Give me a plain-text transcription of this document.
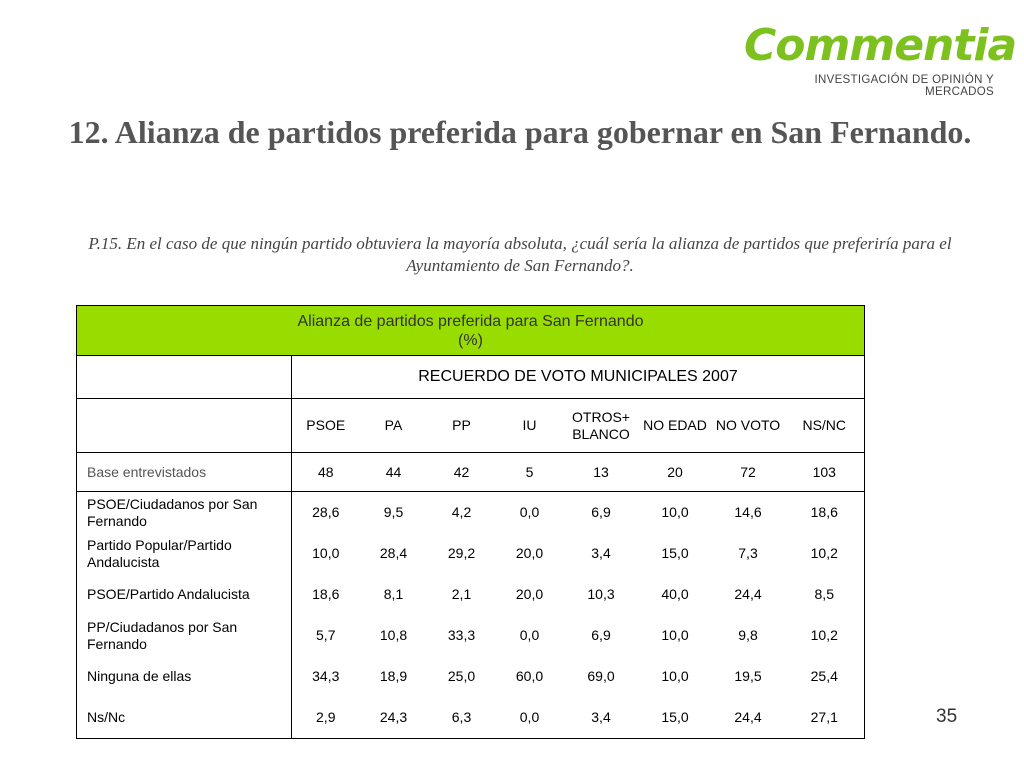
Commentia
INVESTIGACIÓN DE OPINIÓN Y MERCADOS
12. Alianza de partidos preferida para gobernar en San Fernando.
P.15. En el caso de que ningún partido obtuviera la mayoría absoluta, ¿cuál sería la alianza de partidos que preferiría para el Ayuntamiento de San Fernando?.
Alianza de partidos preferida para San Fernando
(%)								

	RECUERDO DE VOTO MUNICIPALES 2007							
	PSOE	PA	PP	IU	OTROS+ BLANCO	NO EDAD	NO VOTO	NS/NC
Base entrevistados	48	44	42	5	13	20	72	103
PSOE/Ciudadanos por San Fernando	28,6	9,5	4,2	0,0	6,9	10,0	14,6	18,6
Partido Popular/Partido Andalucista	10,0	28,4	29,2	20,0	3,4	15,0	7,3	10,2
PSOE/Partido Andalucista	18,6	8,1	2,1	20,0	10,3	40,0	24,4	8,5
PP/Ciudadanos por San Fernando	5,7	10,8	33,3	0,0	6,9	10,0	9,8	10,2
Ninguna de ellas	34,3	18,9	25,0	60,0	69,0	10,0	19,5	25,4
Ns/Nc	2,9	24,3	6,3	0,0	3,4	15,0	24,4	27,1	35
